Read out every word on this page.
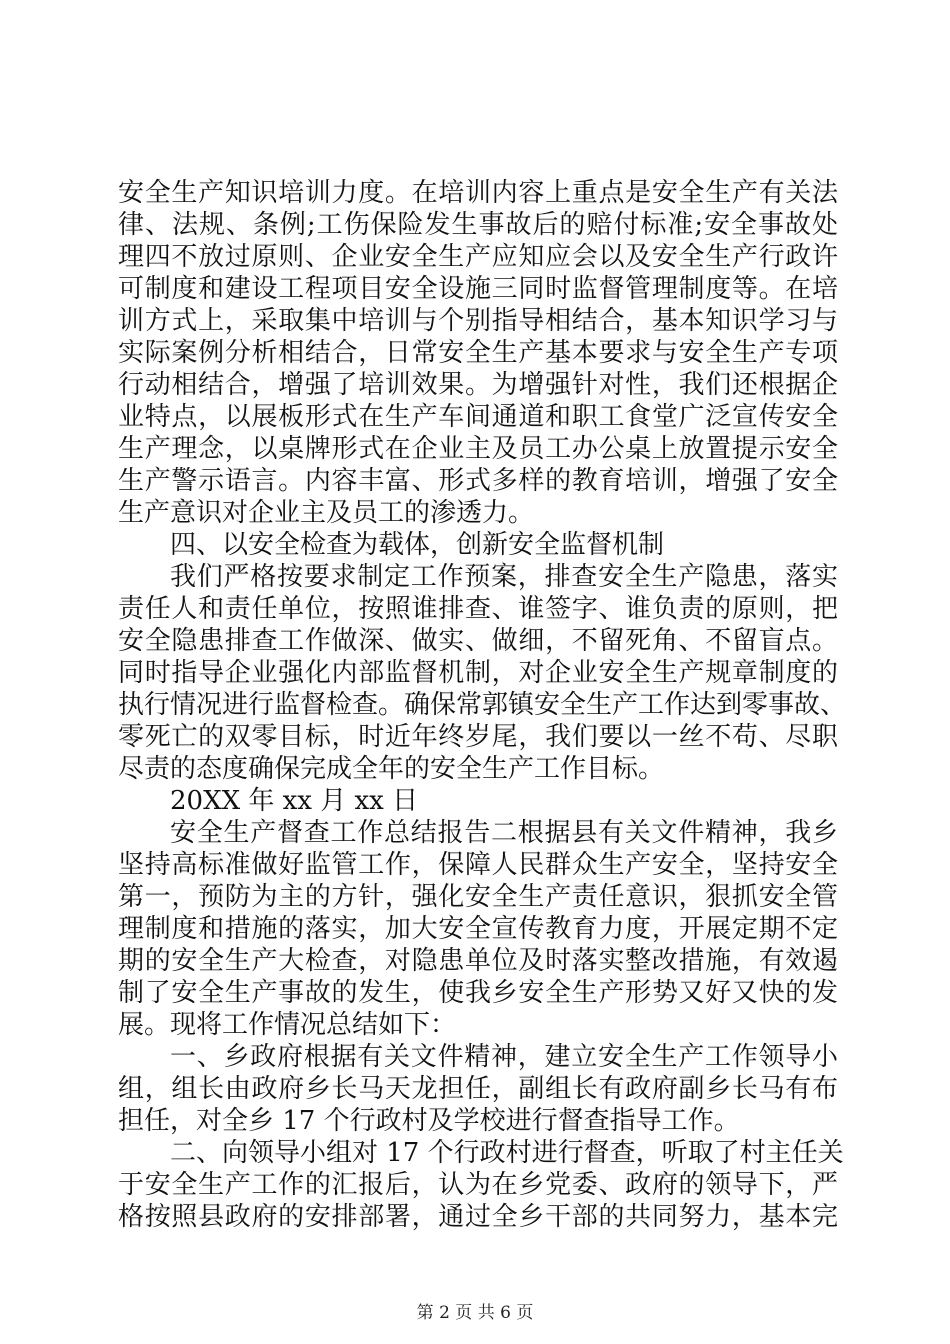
安全生产知识培训力度。在培训内容上重点是安全生产有关法
律、法规、条例;工伤保险发生事故后的赔付标准;安全事故处
理四不放过原则、企业安全生产应知应会以及安全生产行政许
可制度和建设工程项目安全设施三同时监督管理制度等。在培
训方式上，采取集中培训与个别指导相结合，基本知识学习与
实际案例分析相结合，日常安全生产基本要求与安全生产专项
行动相结合，增强了培训效果。为增强针对性，我们还根据企
业特点，以展板形式在生产车间通道和职工食堂广泛宣传安全
生产理念，以桌牌形式在企业主及员工办公桌上放置提示安全
生产警示语言。内容丰富、形式多样的教育培训，增强了安全
生产意识对企业主及员工的渗透力。
四、以安全检查为载体，创新安全监督机制
我们严格按要求制定工作预案，排查安全生产隐患，落实
责任人和责任单位，按照谁排查、谁签字、谁负责的原则，把
安全隐患排查工作做深、做实、做细，不留死角、不留盲点。
同时指导企业强化内部监督机制，对企业安全生产规章制度的
执行情况进行监督检查。确保常郭镇安全生产工作达到零事故、
零死亡的双零目标，时近年终岁尾，我们要以一丝不苟、尽职
尽责的态度确保完成全年的安全生产工作目标。
20XX 年 xx 月 xx 日
安全生产督查工作总结报告二根据县有关文件精神，我乡
坚持高标准做好监管工作，保障人民群众生产安全，坚持安全
第一，预防为主的方针，强化安全生产责任意识，狠抓安全管
理制度和措施的落实，加大安全宣传教育力度，开展定期不定
期的安全生产大检查，对隐患单位及时落实整改措施，有效遏
制了安全生产事故的发生，使我乡安全生产形势又好又快的发
展。现将工作情况总结如下：
一、乡政府根据有关文件精神，建立安全生产工作领导小
组，组长由政府乡长马天龙担任，副组长有政府副乡长马有布
担任，对全乡 17 个行政村及学校进行督查指导工作。
二、向领导小组对 17 个行政村进行督查，听取了村主任关
于安全生产工作的汇报后，认为在乡党委、政府的领导下，严
格按照县政府的安排部署，通过全乡干部的共同努力，基本完
第 2 页 共 6 页
